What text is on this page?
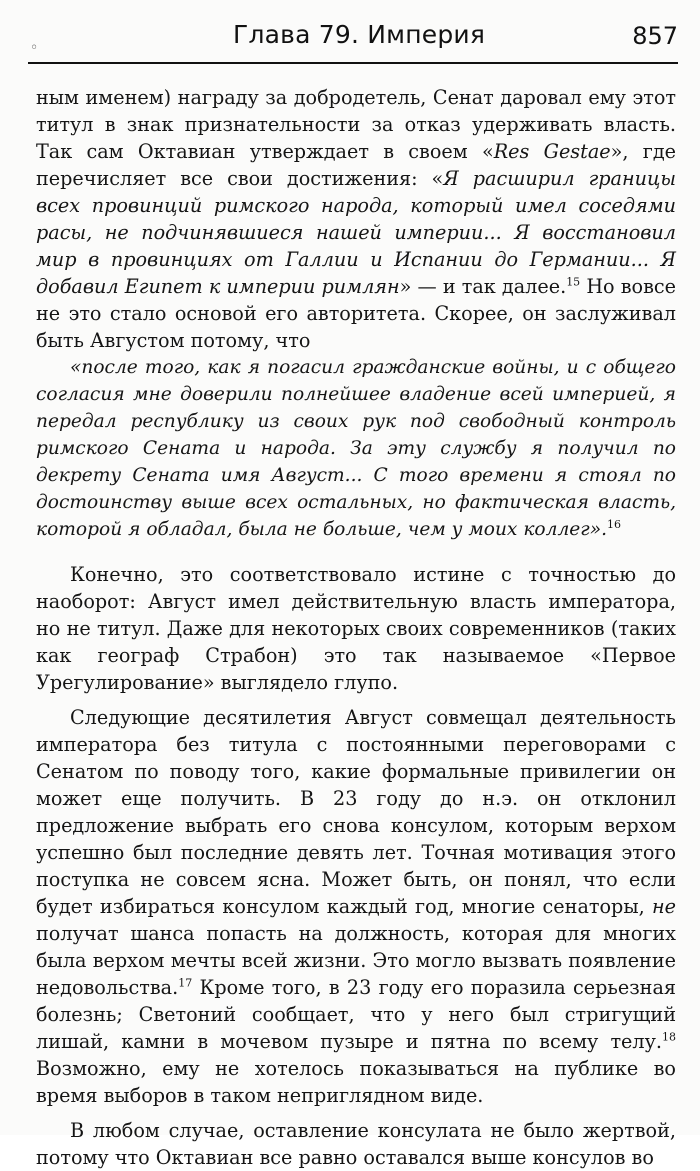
Глава 79. Империя	857

ным именем) награду за добродетель, Сенат даровал ему этот титул в знак признательности за отказ удерживать власть. Так сам Октавиан утверждает в своем «Res Gestae», где перечисляет все свои достижения: «Я расширил границы всех провинций римского народа, который имел соседями расы, не подчинявшиеся нашей империи... Я восстановил мир в провинциях от Галлии и Испании до Германии... Я добавил Египет к империи римлян» — и так далее.$^{15}$ Но вовсе не это стало основой его авторитета. Скорее, он заслуживал быть Августом потому, что

«после того, как я погасил гражданские войны, и с общего согласия мне доверили полнейшее владение всей империей, я передал республику из своих рук под свободный контроль римского Сената и народа. За эту службу я получил по декрету Сената имя Август... С того времени я стоял по достоинству выше всех остальных, но фактическая власть, которой я обладал, была не больше, чем у моих коллег».$^{16}$

Конечно, это соответствовало истине с точностью до наоборот: Август имел действительную власть императора, но не титул. Даже для некоторых своих современников (таких как географ Страбон) это так называемое «Первое Урегулирование» выглядело глупо.

Следующие десятилетия Август совмещал деятельность императора без титула с постоянными переговорами с Сенатом по поводу того, какие формальные привилегии он может еще получить. В 23 году до н.э. он отклонил предложение выбрать его снова консулом, которым верхом успешно был последние девять лет. Точная мотивация этого поступка не совсем ясна. Может быть, он понял, что если будет избираться консулом каждый год, многие сенаторы, не получат шанса попасть на должность, которая для многих была верхом мечты всей жизни. Это могло вызвать появление недовольства.$^{17}$ Кроме того, в 23 году его поразила серьезная болезнь; Светоний сообщает, что у него был стригущий лишай, камни в мочевом пузыре и пятна по всему телу.$^{18}$ Возможно, ему не хотелось показываться на публике во время выборов в таком неприглядном виде.

В любом случае, оставление консулата не было жертвой, потому что Октавиан все равно оставался выше консулов во

◦
